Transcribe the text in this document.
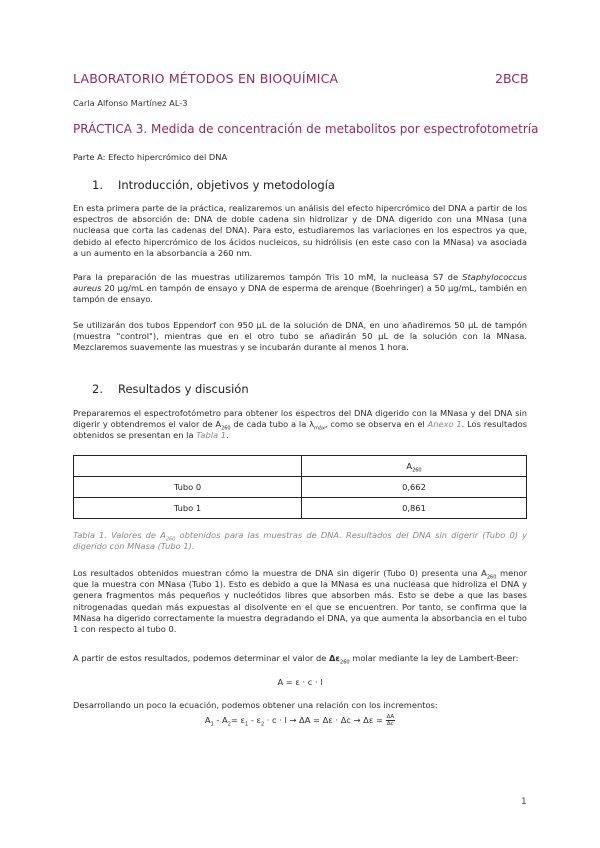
LABORATORIO MÉTODOS EN BIOQUÍMICA	2BCB
Carla Alfonso Martínez AL-3
PRÁCTICA 3. Medida de concentración de metabolitos por espectrofotometría
Parte A: Efecto hipercrómico del DNA
1. Introducción, objetivos y metodología
En esta primera parte de la práctica, realizaremos un análisis del efecto hipercrómico del DNA a partir de los espectros de absorción de: DNA de doble cadena sin hidrolizar y de DNA digerido con una MNasa (una nucleasa que corta las cadenas del DNA). Para esto, estudiaremos las variaciones en los espectros ya que, debido al efecto hipercrómico de los ácidos nucleicos, su hidrólisis (en este caso con la MNasa) va asociada a un aumento en la absorbancia a 260 nm.
Para la preparación de las muestras utilizaremos tampón Tris 10 mM, la nucleasa S7 de Staphylococcus aureus 20 μg/mL en tampón de ensayo y DNA de esperma de arenque (Boehringer) a 50 μg/mL, también en tampón de ensayo.
Se utilizarán dos tubos Eppendorf con 950 μL de la solución de DNA, en uno añadiremos 50 μL de tampón (muestra "control"), mientras que en el otro tubo se añadirán 50 μL de la solución con la MNasa. Mezclaremos suavemente las muestras y se incubarán durante al menos 1 hora.
2. Resultados y discusión
Prepararemos el espectrofotómetro para obtener los espectros del DNA digerido con la MNasa y del DNA sin digerir y obtendremos el valor de $A_{260}$ de cada tubo a la $\lambda_{máx}$, como se observa en el Anexo 1. Los resultados obtenidos se presentan en la Tabla 1.
	$A_{260}$
Tubo 0	0,662
Tubo 1	0,861
Tabla 1. Valores de $A_{260}$ obtenidos para las muestras de DNA. Resultados del DNA sin digerir (Tubo 0) y digerido con MNasa (Tubo 1).
Los resultados obtenidos muestran cómo la muestra de DNA sin digerir (Tubo 0) presenta una $A_{260}$ menor que la muestra con MNasa (Tubo 1). Esto es debido a que la MNasa es una nucleasa que hidroliza el DNA y genera fragmentos más pequeños y nucleótidos libres que absorben más. Esto se debe a que las bases nitrogenadas quedan más expuestas al disolvente en el que se encuentren. Por tanto, se confirma que la MNasa ha digerido correctamente la muestra degradando el DNA, ya que aumenta la absorbancia en el tubo 1 con respecto al tubo 0.
A partir de estos resultados, podemos determinar el valor de $\Delta\varepsilon_{260}$ molar mediante la ley de Lambert-Beer:
A = ε · c · l
Desarrollando un poco la ecuación, podemos obtener una relación con los incrementos:
$A_1 - A_2= \varepsilon_1 - \varepsilon_2 \cdot c \cdot l \to \Delta A = \Delta\varepsilon \cdot \Delta c \to \Delta\varepsilon = \frac{\Delta A}{\Delta c}$
1
